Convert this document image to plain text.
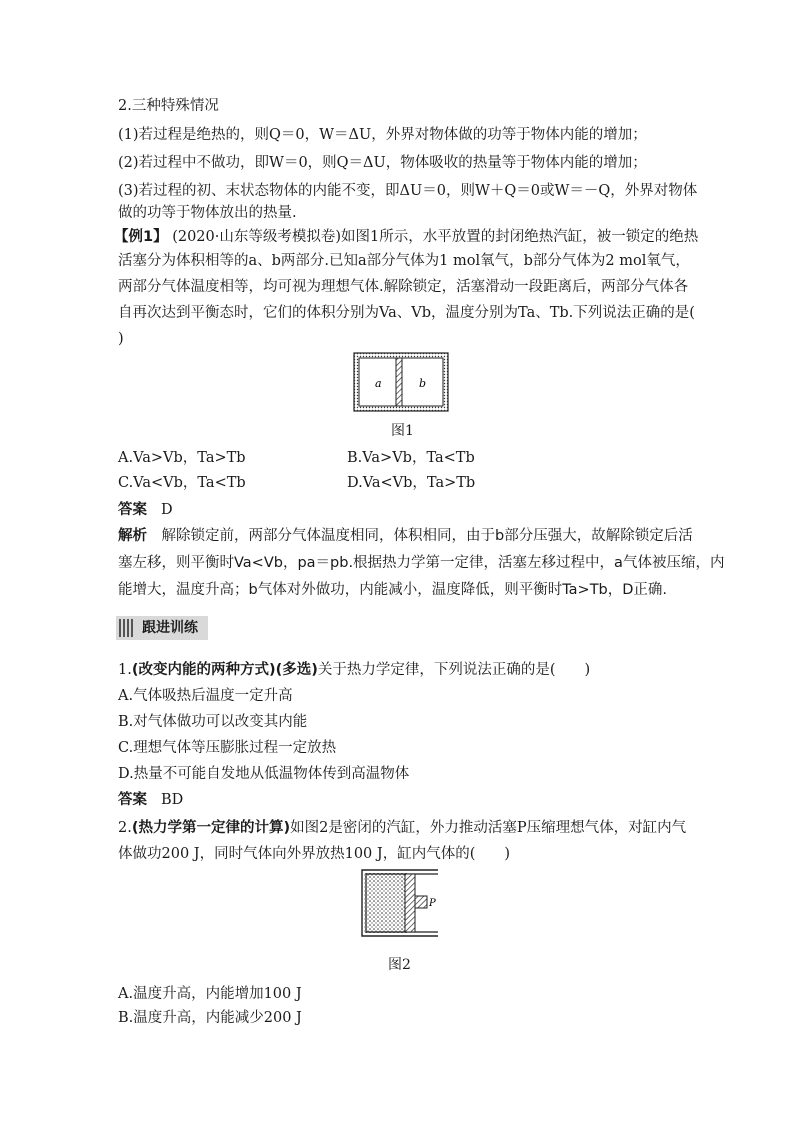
2.三种特殊情况
(1)若过程是绝热的，则Q＝0，W＝ΔU，外界对物体做的功等于物体内能的增加；
(2)若过程中不做功，即W＝0，则Q＝ΔU，物体吸收的热量等于物体内能的增加；
(3)若过程的初、末状态物体的内能不变，即ΔU＝0，则W＋Q＝0或W＝－Q，外界对物体
做的功等于物体放出的热量.
【例1】 (2020·山东等级考模拟卷)如图1所示，水平放置的封闭绝热汽缸，被一锁定的绝热
活塞分为体积相等的a、b两部分.已知a部分气体为1 mol氧气，b部分气体为2 mol氧气，
两部分气体温度相等，均可视为理想气体.解除锁定，活塞滑动一段距离后，两部分气体各
自再次达到平衡态时，它们的体积分别为Va、Vb，温度分别为Ta、Tb.下列说法正确的是(
)
a	b
图1
A.Va>Vb，Ta>Tb	B.Va>Vb，Ta<Tb
C.Va<Vb，Ta<Tb	D.Va<Vb，Ta>Tb
答案 D
解析　 解除锁定前，两部分气体温度相同，体积相同，由于b部分压强大，故解除锁定后活
塞左移，则平衡时Va<Vb，pa＝pb.根据热力学第一定律，活塞左移过程中，a气体被压缩，内
能增大，温度升高；b气体对外做功，内能减小，温度降低，则平衡时Ta>Tb，D正确.
跟进训练
1.(改变内能的两种方式)(多选)关于热力学定律，下列说法正确的是(　　)
A.气体吸热后温度一定升高
B.对气体做功可以改变其内能
C.理想气体等压膨胀过程一定放热
D.热量不可能自发地从低温物体传到高温物体
答案 BD
2.(热力学第一定律的计算)如图2是密闭的汽缸，外力推动活塞P压缩理想气体，对缸内气
体做功200 J，同时气体向外界放热100 J，缸内气体的(　　)
P
图2
A.温度升高，内能增加100 J
B.温度升高，内能减少200 J
